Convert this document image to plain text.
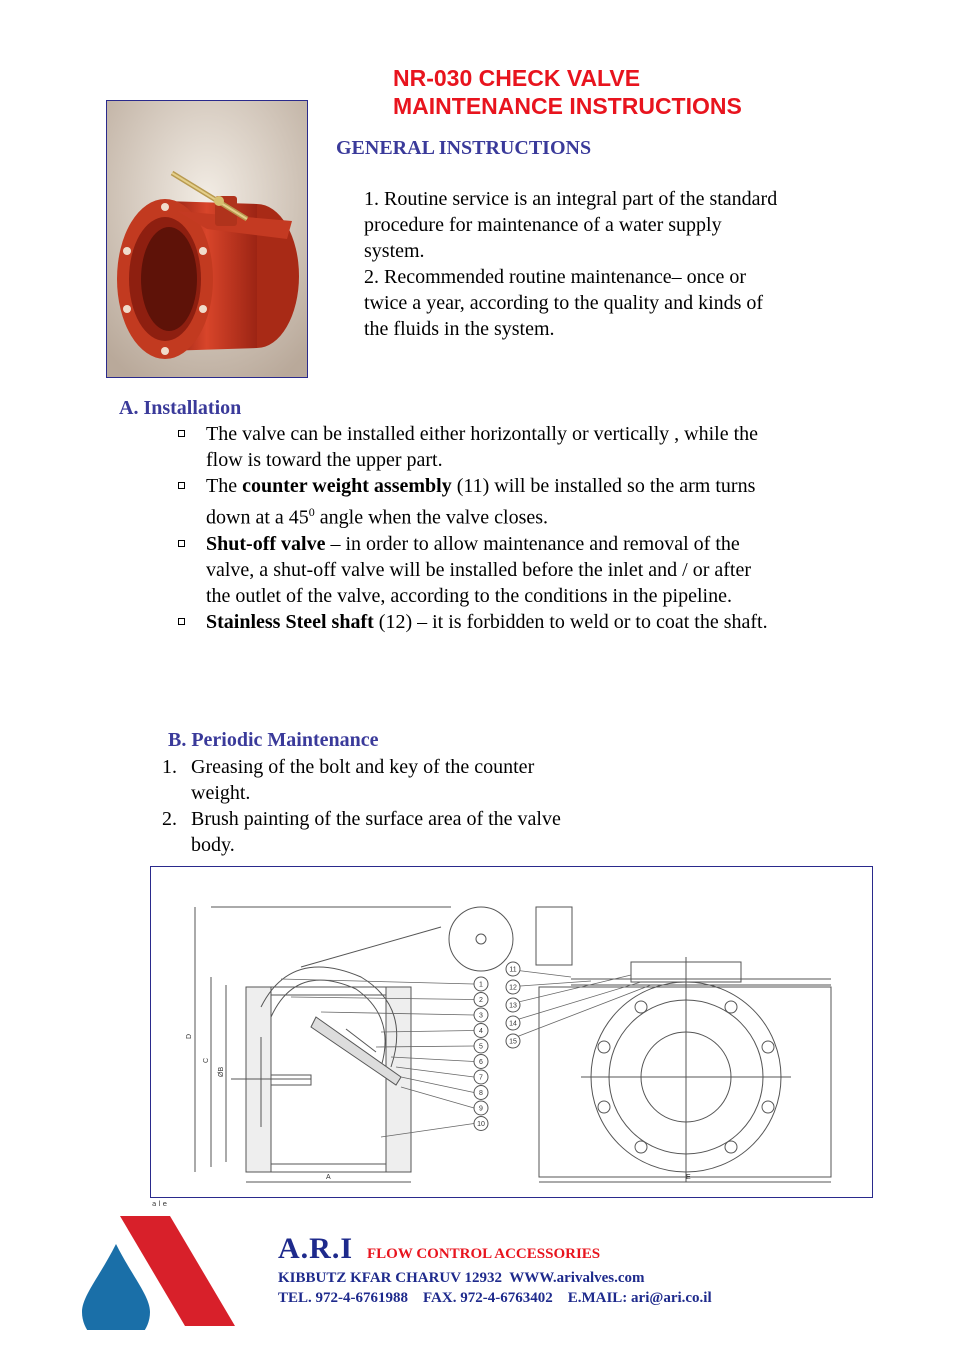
NR-030 CHECK VALVE
MAINTENANCE INSTRUCTIONS
GENERAL INSTRUCTIONS

1. Routine service is an integral part of the standard procedure for maintenance of a water supply system.

2. Recommended routine maintenance– once or twice a year, according to the quality and kinds of the fluids in the system.

A. Installation
The valve can be installed either horizontally or vertically , while the flow is toward the upper part.
The counter weight assembly (11) will be installed so the arm turns down at a $45^0$ angle when the valve closes.
Shut-off valve – in order to allow maintenance and removal of the valve, a shut-off valve will be installed before the inlet and / or after the outlet of the valve, according to the conditions in the pipeline.
Stainless Steel shaft (12) – it is forbidden to weld or to coat the shaft.
B. Periodic Maintenance
1. Greasing of the bolt and key of the counter weight.
2. Brush painting of the surface area of the valve body.
1
2
3
4
5
6
7
8
9
10
11
12
13
14
15
A	E
D
C
ØB
a l e
A.R.I FLOW CONTROL ACCESSORIES
KIBBUTZ KFAR CHARUV 12932  WWW.arivalves.com
TEL. 972-4-6761988    FAX. 972-4-6763402    E.MAIL: ari@ari.co.il
